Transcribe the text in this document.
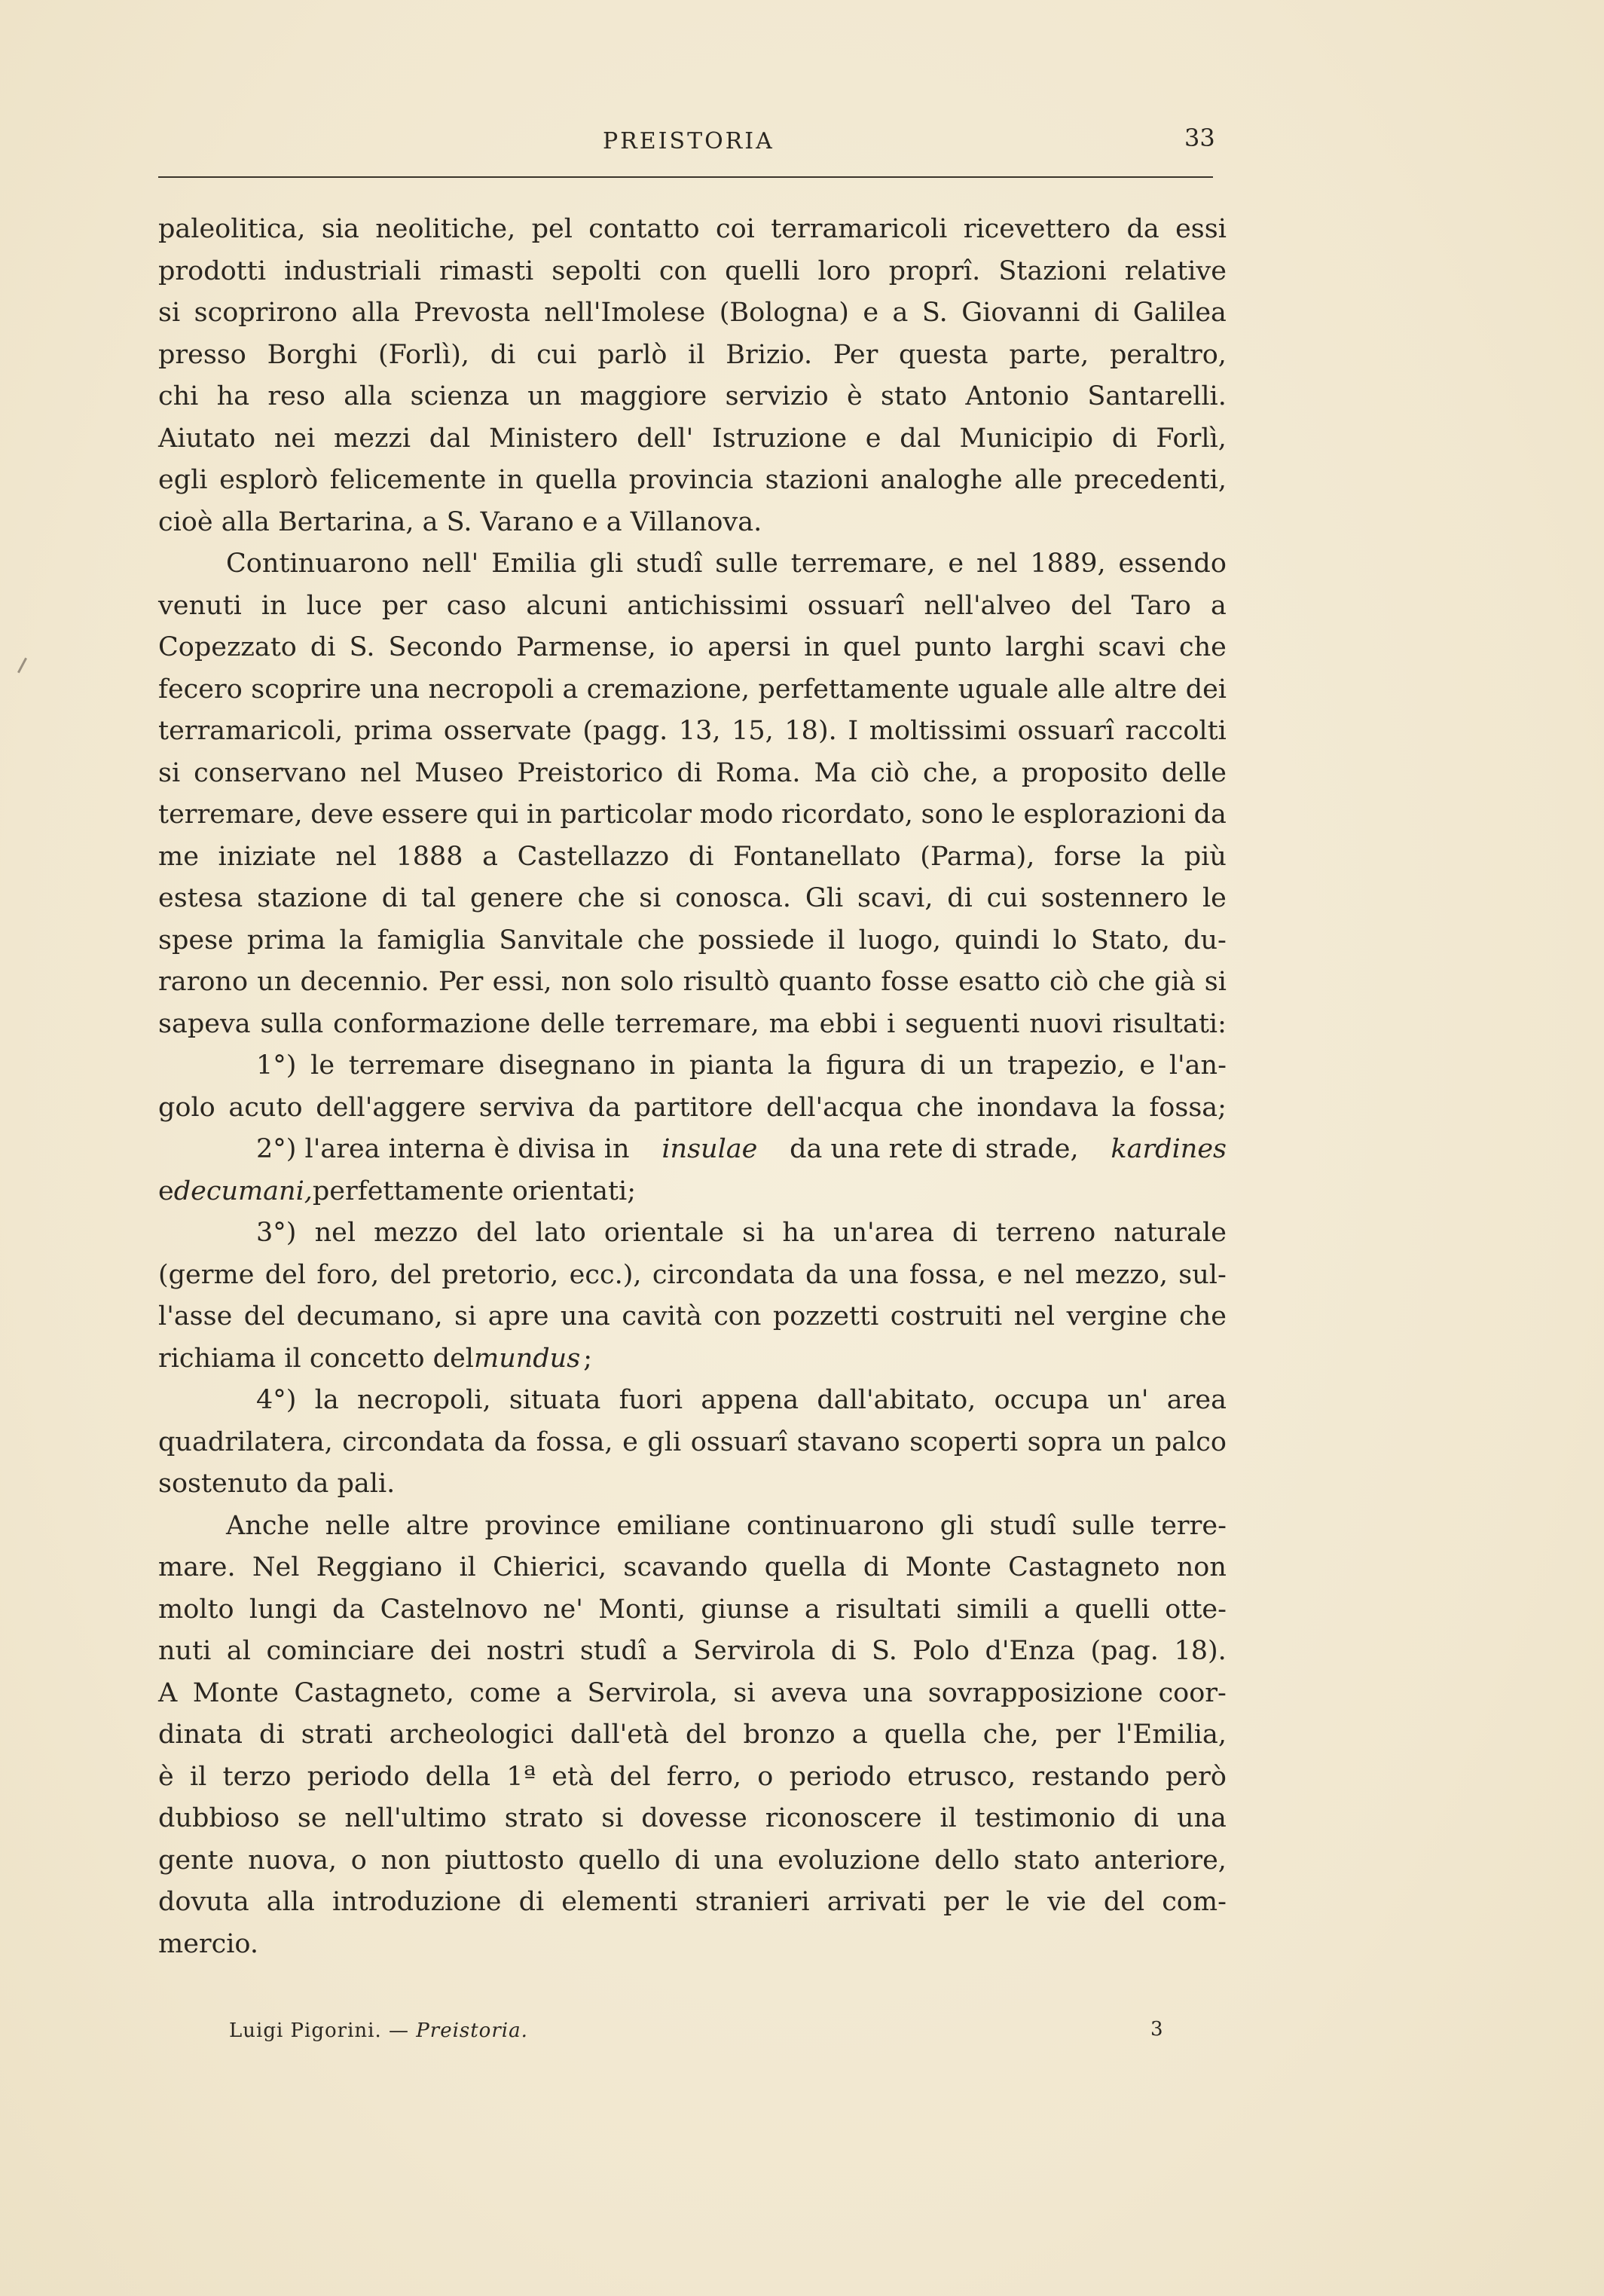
PREISTORIA	33
paleolitica, sia neolitiche, pel contatto coi terramaricoli ricevettero da essi
prodotti industriali rimasti sepolti con quelli loro proprî. Stazioni relative
si scoprirono alla Prevosta nell'Imolese (Bologna) e a S. Giovanni di Galilea
presso Borghi (Forlì), di cui parlò il Brizio. Per questa parte, peraltro,
chi ha reso alla scienza un maggiore servizio è stato Antonio Santarelli.
Aiutato nei mezzi dal Ministero dell' Istruzione e dal Municipio di Forlì,
egli esplorò felicemente in quella provincia stazioni analoghe alle precedenti,
cioè alla Bertarina, a S. Varano e a Villanova.
Continuarono nell' Emilia gli studî sulle terremare, e nel 1889, essendo
venuti in luce per caso alcuni antichissimi ossuarî nell'alveo del Taro a
Copezzato di S. Secondo Parmense, io apersi in quel punto larghi scavi che
fecero scoprire una necropoli a cremazione, perfettamente uguale alle altre dei
terramaricoli, prima osservate (pagg. 13, 15, 18). I moltissimi ossuarî raccolti
si conservano nel Museo Preistorico di Roma. Ma ciò che, a proposito delle
terremare, deve essere qui in particolar modo ricordato, sono le esplorazioni da
me iniziate nel 1888 a Castellazzo di Fontanellato (Parma), forse la più
estesa stazione di tal genere che si conosca. Gli scavi, di cui sostennero le
spese prima la famiglia Sanvitale che possiede il luogo, quindi lo Stato, du-
rarono un decennio. Per essi, non solo risultò quanto fosse esatto ciò che già si
sapeva sulla conformazione delle terremare, ma ebbi i seguenti nuovi risultati:
1°) le terremare disegnano in pianta la figura di un trapezio, e l'an-
golo acuto dell'aggere serviva da partitore dell'acqua che inondava la fossa;
2°) l'area interna è divisa in insulae da una rete di strade, kardines
e decumani, perfettamente orientati;
3°) nel mezzo del lato orientale si ha un'area di terreno naturale
(germe del foro, del pretorio, ecc.), circondata da una fossa, e nel mezzo, sul-
l'asse del decumano, si apre una cavità con pozzetti costruiti nel vergine che
richiama il concetto del mundus ;
4°) la necropoli, situata fuori appena dall'abitato, occupa un' area
quadrilatera, circondata da fossa, e gli ossuarî stavano scoperti sopra un palco
sostenuto da pali.
Anche nelle altre province emiliane continuarono gli studî sulle terre-
mare. Nel Reggiano il Chierici, scavando quella di Monte Castagneto non
molto lungi da Castelnovo ne' Monti, giunse a risultati simili a quelli otte-
nuti al cominciare dei nostri studî a Servirola di S. Polo d'Enza (pag. 18).
A Monte Castagneto, come a Servirola, si aveva una sovrapposizione coor-
dinata di strati archeologici dall'età del bronzo a quella che, per l'Emilia,
è il terzo periodo della 1ª età del ferro, o periodo etrusco, restando però
dubbioso se nell'ultimo strato si dovesse riconoscere il testimonio di una
gente nuova, o non piuttosto quello di una evoluzione dello stato anteriore,
dovuta alla introduzione di elementi stranieri arrivati per le vie del com-
mercio.
Luigi Pigorini. — Preistoria.	3
